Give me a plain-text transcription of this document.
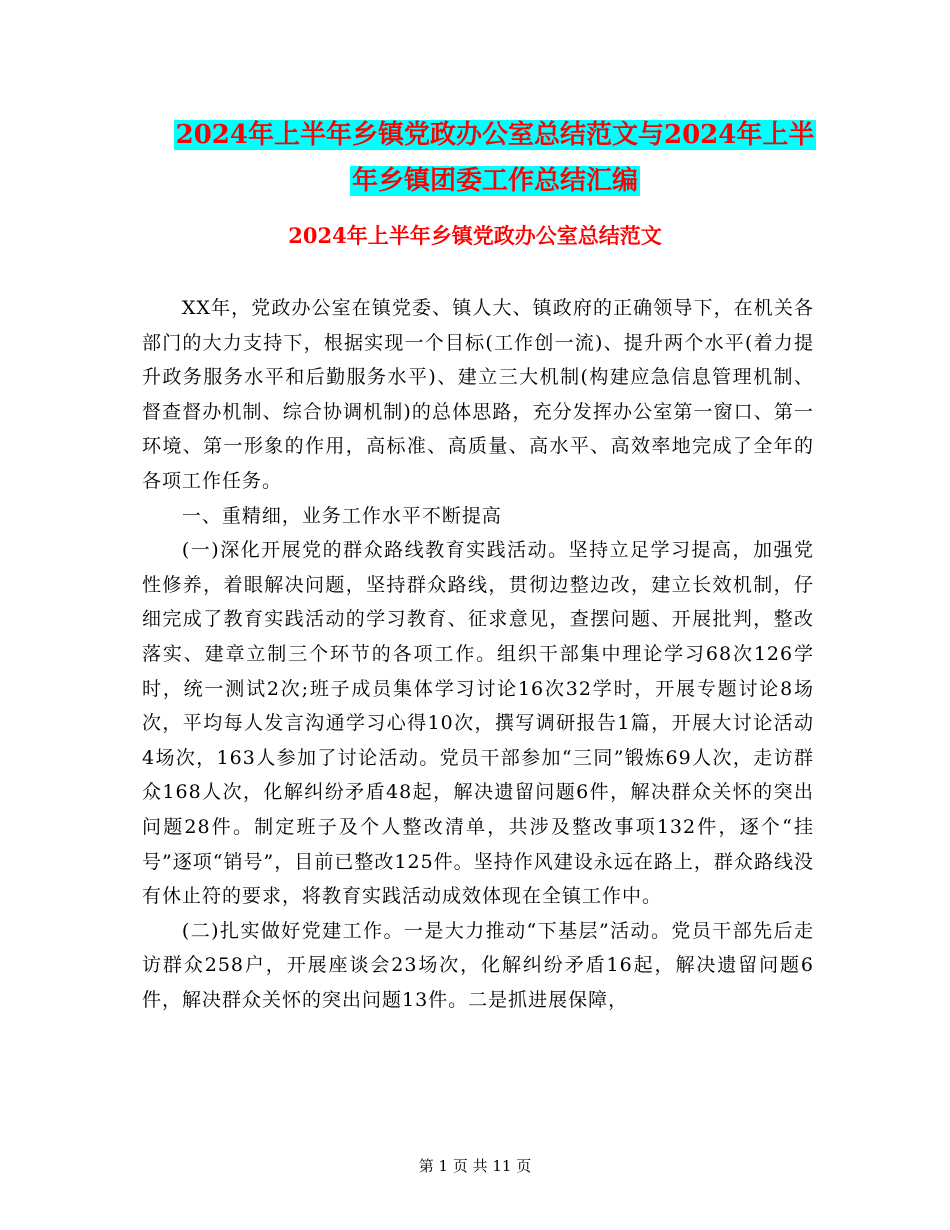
2024年上半年乡镇党政办公室总结范文与2024年上半
年乡镇团委工作总结汇编
2024年上半年乡镇党政办公室总结范文

XX年，党政办公室在镇党委、镇人大、镇政府的正确领导下，在机关各部门的大力支持下，根据实现一个目标(工作创一流)、提升两个水平(着力提升政务服务水平和后勤服务水平)、建立三大机制(构建应急信息管理机制、督查督办机制、综合协调机制)的总体思路，充分发挥办公室第一窗口、第一环境、第一形象的作用，高标准、高质量、高水平、高效率地完成了全年的各项工作任务。

一、重精细，业务工作水平不断提高

(一)深化开展党的群众路线教育实践活动。坚持立足学习提高，加强党性修养，着眼解决问题，坚持群众路线，贯彻边整边改，建立长效机制，仔细完成了教育实践活动的学习教育、征求意见，查摆问题、开展批判，整改落实、建章立制三个环节的各项工作。组织干部集中理论学习68次126学时，统一测试2次;班子成员集体学习讨论16次32学时，开展专题讨论8场次，平均每人发言沟通学习心得10次，撰写调研报告1篇，开展大讨论活动4场次，163人参加了讨论活动。党员干部参加“三同”锻炼69人次，走访群众168人次，化解纠纷矛盾48起，解决遗留问题6件，解决群众关怀的突出问题28件。制定班子及个人整改清单，共涉及整改事项132件，逐个“挂号”逐项“销号”，目前已整改125件。坚持作风建设永远在路上，群众路线没有休止符的要求，将教育实践活动成效体现在全镇工作中。

(二)扎实做好党建工作。一是大力推动“下基层”活动。党员干部先后走访群众258户，开展座谈会23场次，化解纠纷矛盾16起，解决遗留问题6件，解决群众关怀的突出问题13件。二是抓进展保障，

第 1 页 共 11 页
